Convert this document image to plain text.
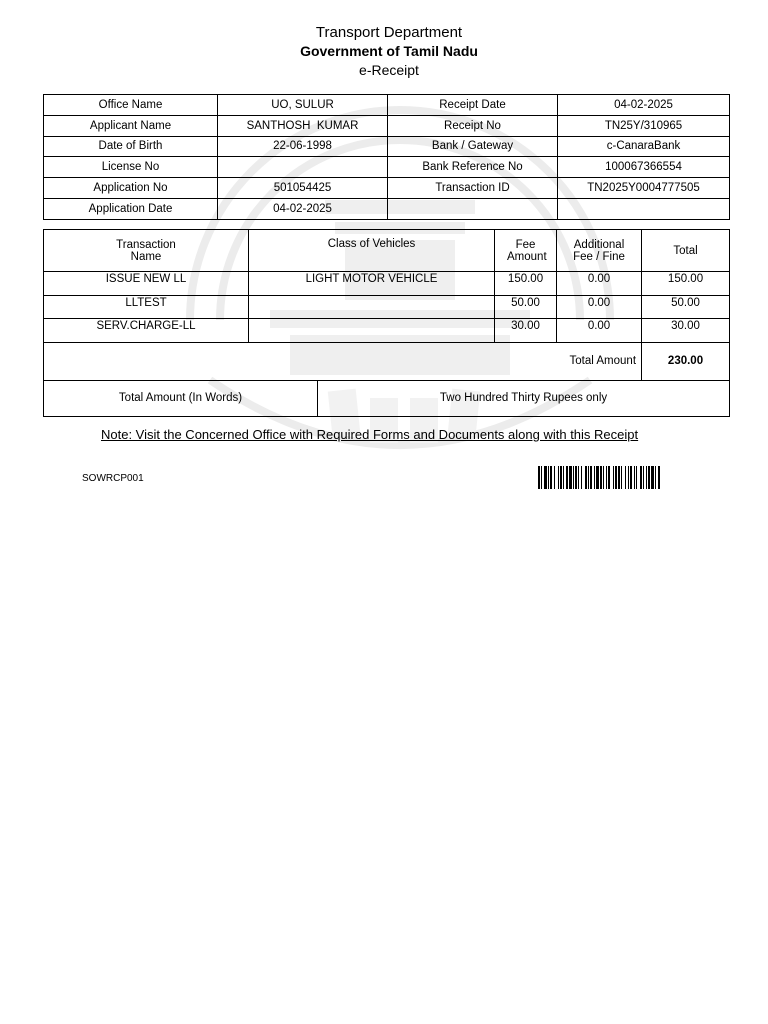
Transport Department
Government of Tamil Nadu
e-Receipt
Office Name	UO, SULUR	Receipt Date	04-02-2025
Applicant Name	SANTHOSH  KUMAR	Receipt No	TN25Y/310965
Date of Birth	22-06-1998	Bank / Gateway	c-CanaraBank
License No		Bank Reference No	100067366554
Application No	501054425	Transaction ID	TN2025Y0004777505
Application Date	04-02-2025		
Transaction Name	Class of Vehicles		Fee Amount	Additional Fee / Fine	Total
ISSUE NEW LL	LIGHT MOTOR VEHICLE		150.00	0.00	150.00
LLTEST			50.00	0.00	50.00
SERV.CHARGE-LL			30.00	0.00	30.00
Total Amount					230.00
Total Amount (In Words)		Two Hundred Thirty Rupees only			
Note: Visit the Concerned Office with Required Forms and Documents along with this Receipt
SOWRCP001
